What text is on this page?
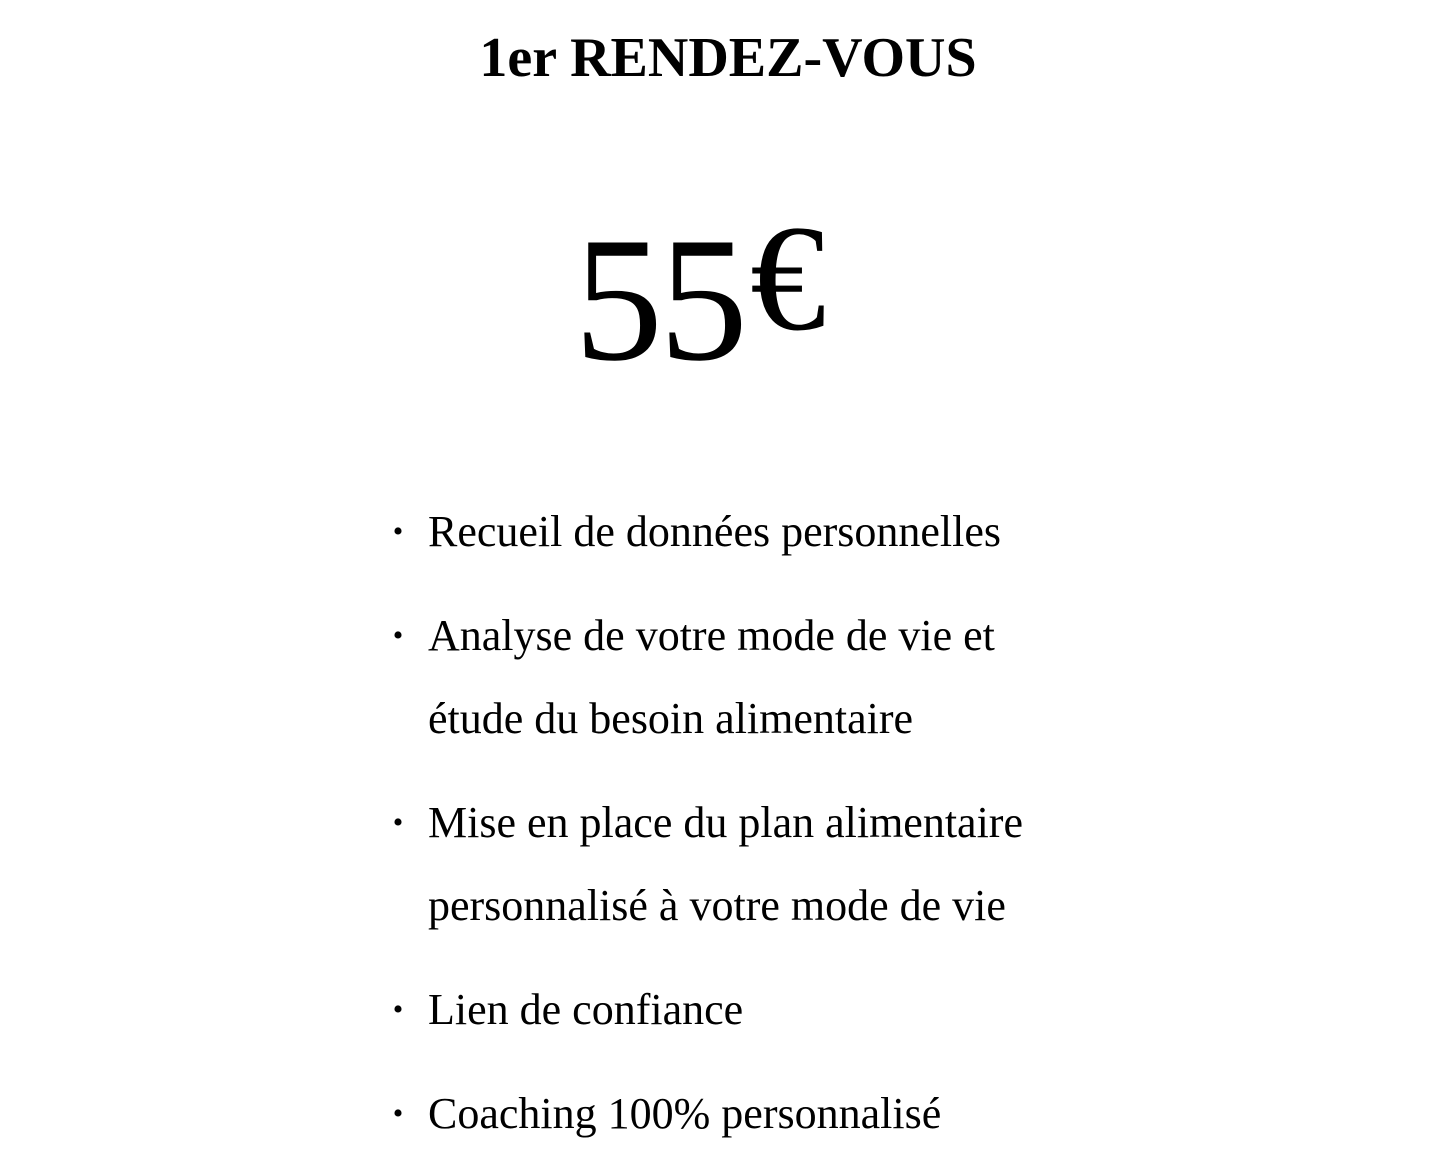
1er RENDEZ-VOUS
55€
• Recueil de données personnelles
• Analyse de votre mode de vie et étude du besoin alimentaire
• Mise en place du plan alimentaire personnalisé à votre mode de vie
• Lien de confiance
• Coaching 100% personnalisé
